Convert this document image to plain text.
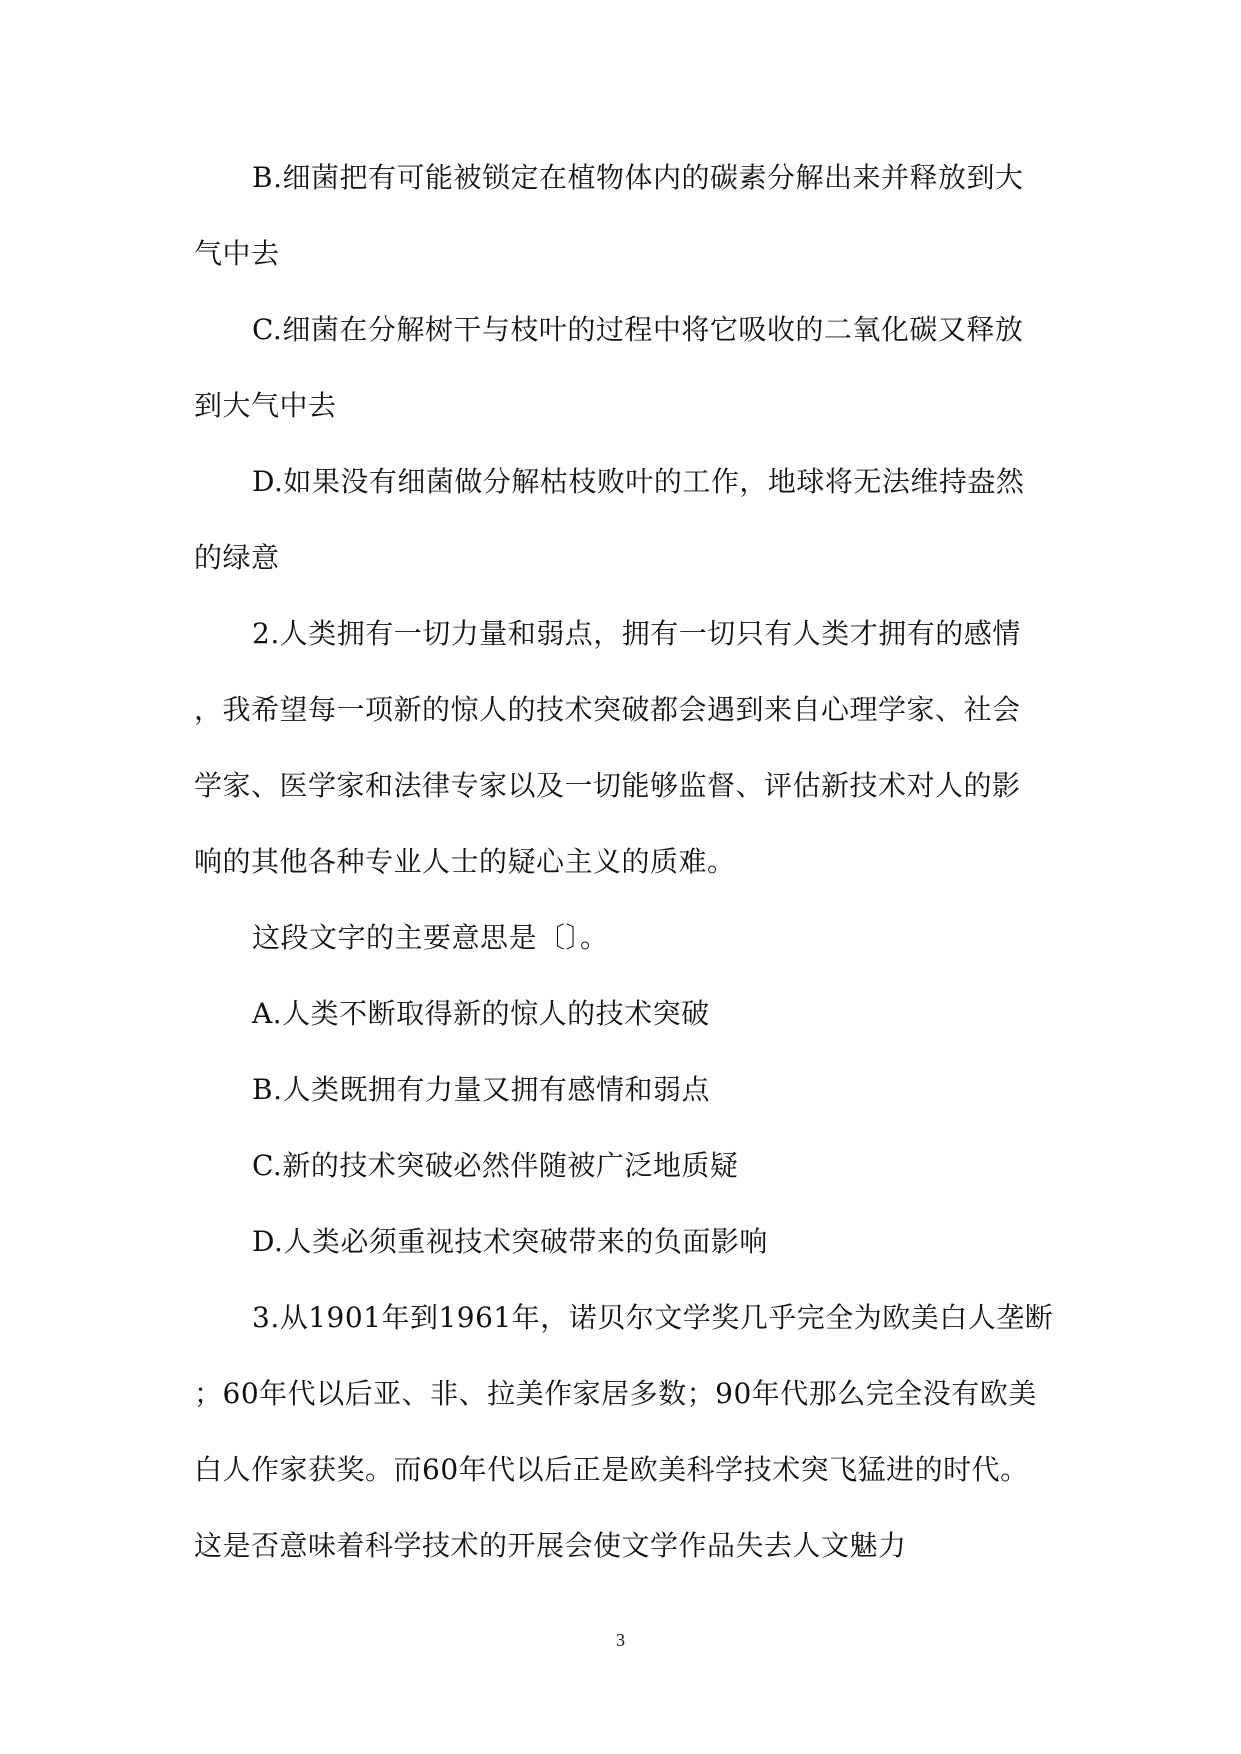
B.细菌把有可能被锁定在植物体内的碳素分解出来并释放到大
气中去
C.细菌在分解树干与枝叶的过程中将它吸收的二氧化碳又释放
到大气中去
D.如果没有细菌做分解枯枝败叶的工作，地球将无法维持盎然
的绿意
2.人类拥有一切力量和弱点，拥有一切只有人类才拥有的感情
，我希望每一项新的惊人的技术突破都会遇到来自心理学家、社会
学家、医学家和法律专家以及一切能够监督、评估新技术对人的影
响的其他各种专业人士的疑心主义的质难。
这段文字的主要意思是〔〕。
A.人类不断取得新的惊人的技术突破
B.人类既拥有力量又拥有感情和弱点
C.新的技术突破必然伴随被广泛地质疑
D.人类必须重视技术突破带来的负面影响
3.从1901年到1961年，诺贝尔文学奖几乎完全为欧美白人垄断
；60年代以后亚、非、拉美作家居多数；90年代那么完全没有欧美
白人作家获奖。而60年代以后正是欧美科学技术突飞猛进的时代。
这是否意味着科学技术的开展会使文学作品失去人文魅力
3
